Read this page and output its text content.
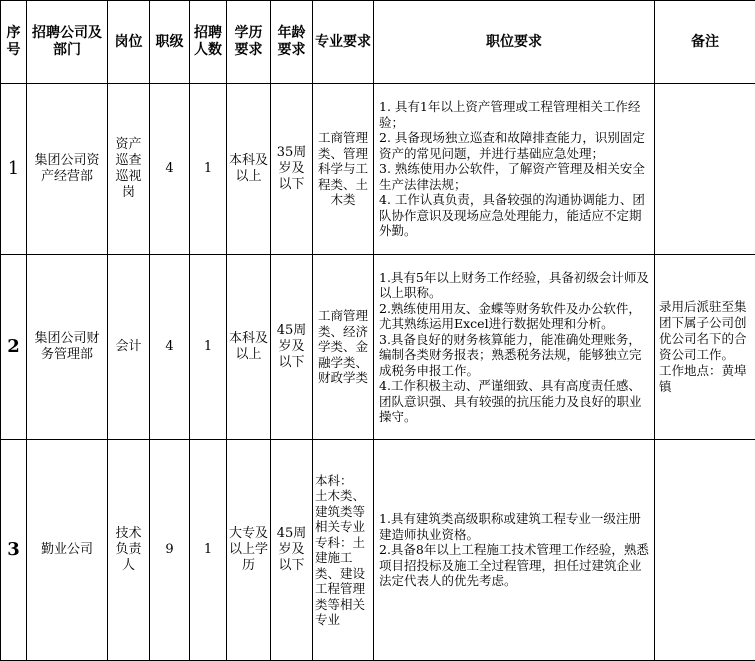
序号	招聘公司及部门	岗位	职级	招聘人数	学历要求	年龄要求	专业要求	职位要求	备注
1	集团公司资产经营部	资产巡查巡视岗	4	1	本科及以上	35周岁及以下	工商管理类、管理科学与工程类、土木类	1. 具有1年以上资产管理或工程管理相关工作经验；
2. 具备现场独立巡查和故障排查能力，识别固定资产的常见问题，并进行基础应急处理；
3. 熟练使用办公软件，了解资产管理及相关安全生产法律法规；
4. 工作认真负责，具备较强的沟通协调能力、团队协作意识及现场应急处理能力，能适应不定期外勤。	

2	集团公司财务管理部	会计	4	1	本科及以上	45周岁及以下	工商管理类、经济学类、金融学类、财政学类	1.具有5年以上财务工作经验，具备初级会计师及以上职称。
2.熟练使用用友、金蝶等财务软件及办公软件，尤其熟练运用Excel进行数据处理和分析。
3.具备良好的财务核算能力，能准确处理账务，编制各类财务报表；熟悉税务法规，能够独立完成税务申报工作。
4.工作积极主动、严谨细致、具有高度责任感、团队意识强、具有较强的抗压能力及良好的职业操守。	录用后派驻至集团下属子公司创优公司名下的合资公司工作。
工作地点：黄埠镇

3	勤业公司	技术负责人	9	1	大专及以上学历	45周岁及以下	本科：
土木类、建筑类等相关专业
专科：土建施工类、建设工程管理类等相关专业	1.具有建筑类高级职称或建筑工程专业一级注册建造师执业资格。
2.具备8年以上工程施工技术管理工作经验，熟悉项目招投标及施工全过程管理，担任过建筑企业法定代表人的优先考虑。	
